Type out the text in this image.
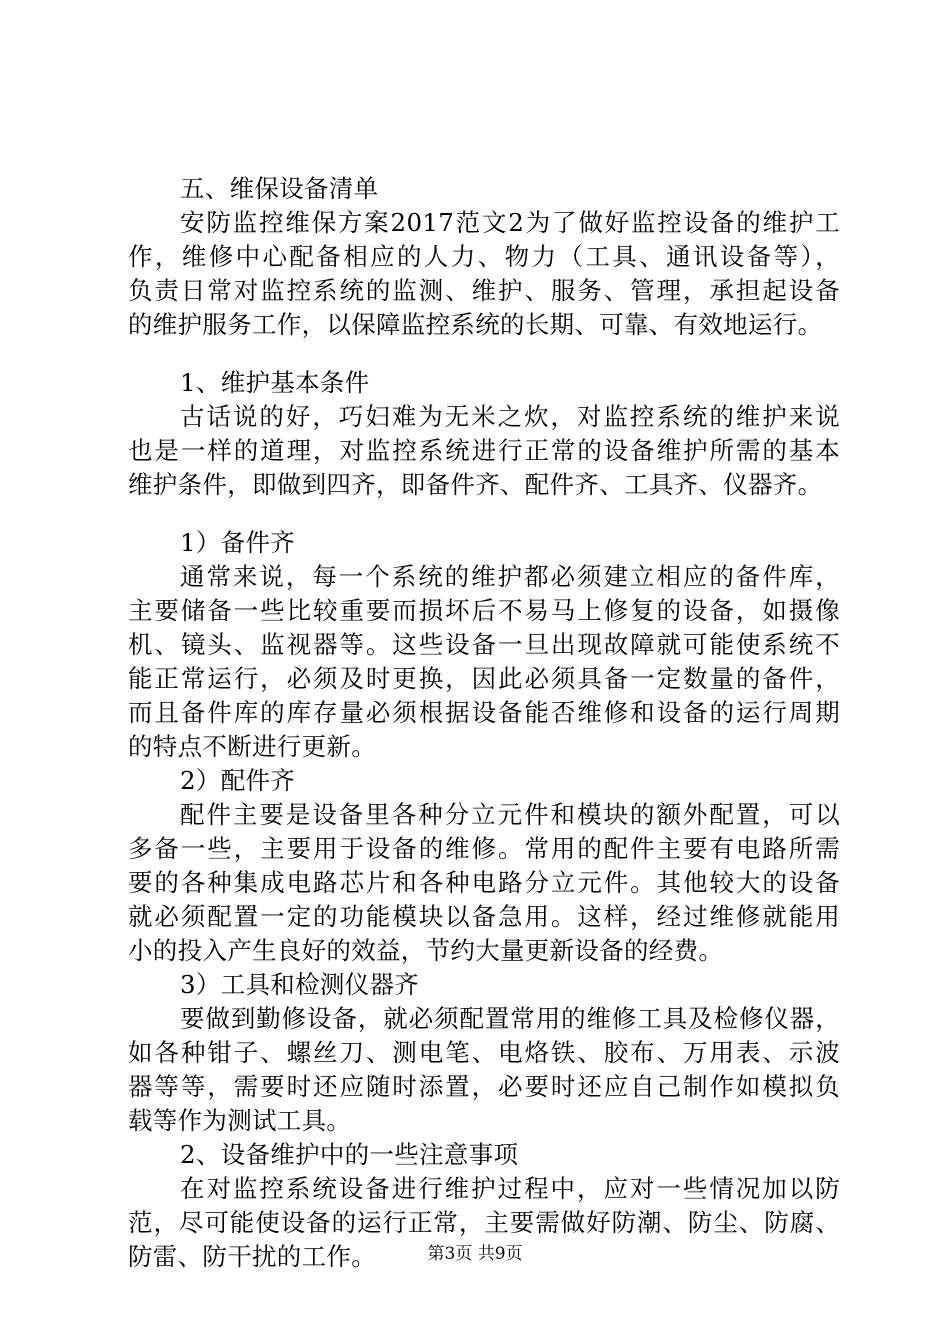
五、维保设备清单
安防监控维保方案2017范文2为了做好监控设备的维护工
作，维修中心配备相应的人力、物力（工具、通讯设备等），
负责日常对监控系统的监测、维护、服务、管理，承担起设备
的维护服务工作，以保障监控系统的长期、可靠、有效地运行。
1、维护基本条件
古话说的好，巧妇难为无米之炊，对监控系统的维护来说
也是一样的道理，对监控系统进行正常的设备维护所需的基本
维护条件，即做到四齐，即备件齐、配件齐、工具齐、仪器齐。
1）备件齐
通常来说，每一个系统的维护都必须建立相应的备件库，
主要储备一些比较重要而损坏后不易马上修复的设备，如摄像
机、镜头、监视器等。这些设备一旦出现故障就可能使系统不
能正常运行，必须及时更换，因此必须具备一定数量的备件，
而且备件库的库存量必须根据设备能否维修和设备的运行周期
的特点不断进行更新。
2）配件齐
配件主要是设备里各种分立元件和模块的额外配置，可以
多备一些，主要用于设备的维修。常用的配件主要有电路所需
要的各种集成电路芯片和各种电路分立元件。其他较大的设备
就必须配置一定的功能模块以备急用。这样，经过维修就能用
小的投入产生良好的效益，节约大量更新设备的经费。
3）工具和检测仪器齐
要做到勤修设备，就必须配置常用的维修工具及检修仪器，
如各种钳子、螺丝刀、测电笔、电烙铁、胶布、万用表、示波
器等等，需要时还应随时添置，必要时还应自己制作如模拟负
载等作为测试工具。
2、设备维护中的一些注意事项
在对监控系统设备进行维护过程中，应对一些情况加以防
范，尽可能使设备的运行正常，主要需做好防潮、防尘、防腐、
防雷、防干扰的工作。	第3页 共9页
